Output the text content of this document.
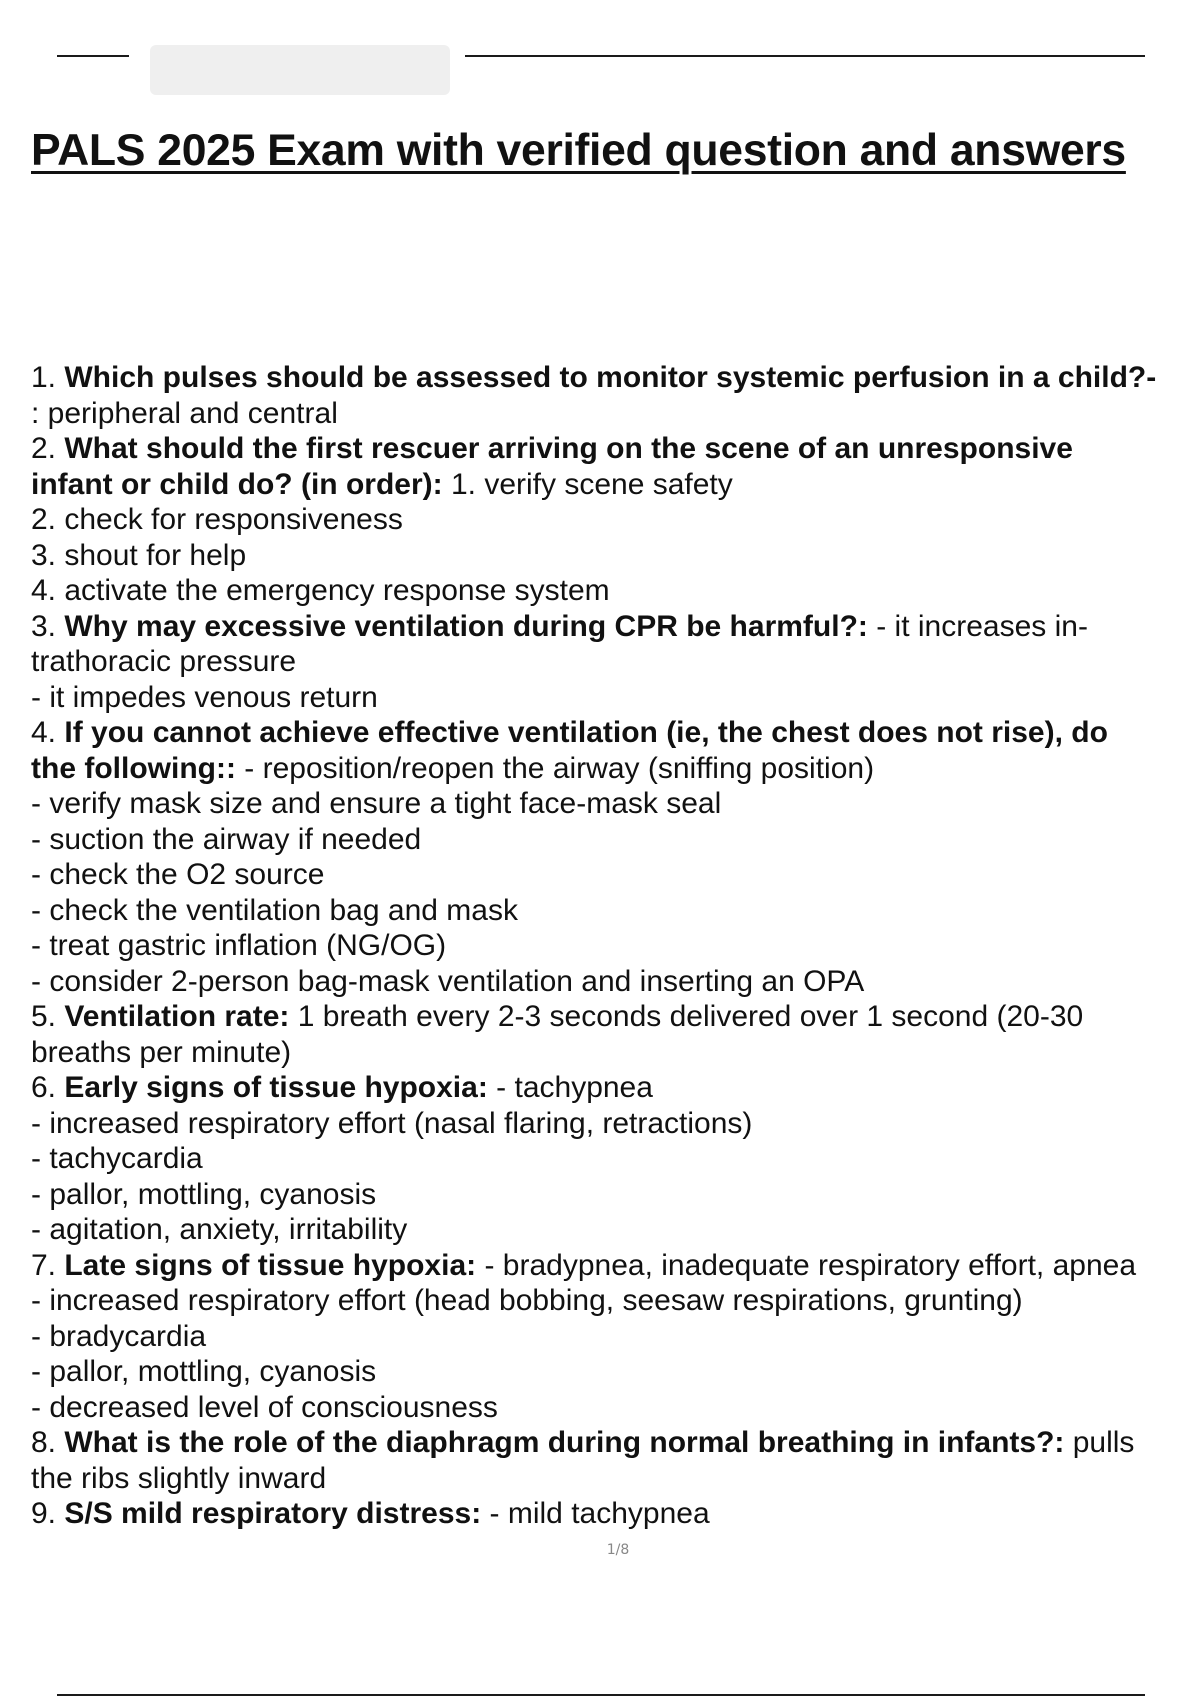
PALS 2025 Exam with verified question and answers
1. Which pulses should be assessed to monitor systemic perfusion in a child?-
: peripheral and central
2. What should the first rescuer arriving on the scene of an unresponsive
infant or child do? (in order): 1. verify scene safety
2. check for responsiveness
3. shout for help
4. activate the emergency response system
3. Why may excessive ventilation during CPR be harmful?: - it increases in-
trathoracic pressure
- it impedes venous return
4. If you cannot achieve effective ventilation (ie, the chest does not rise), do
the following:: - reposition/reopen the airway (sniffing position)
- verify mask size and ensure a tight face-mask seal
- suction the airway if needed
- check the O2 source
- check the ventilation bag and mask
- treat gastric inflation (NG/OG)
- consider 2-person bag-mask ventilation and inserting an OPA
5. Ventilation rate: 1 breath every 2-3 seconds delivered over 1 second (20-30
breaths per minute)
6. Early signs of tissue hypoxia: - tachypnea
- increased respiratory effort (nasal flaring, retractions)
- tachycardia
- pallor, mottling, cyanosis
- agitation, anxiety, irritability
7. Late signs of tissue hypoxia: - bradypnea, inadequate respiratory effort, apnea
- increased respiratory effort (head bobbing, seesaw respirations, grunting)
- bradycardia
- pallor, mottling, cyanosis
- decreased level of consciousness
8. What is the role of the diaphragm during normal breathing in infants?: pulls
the ribs slightly inward
9. S/S mild respiratory distress: - mild tachypnea
1/8
